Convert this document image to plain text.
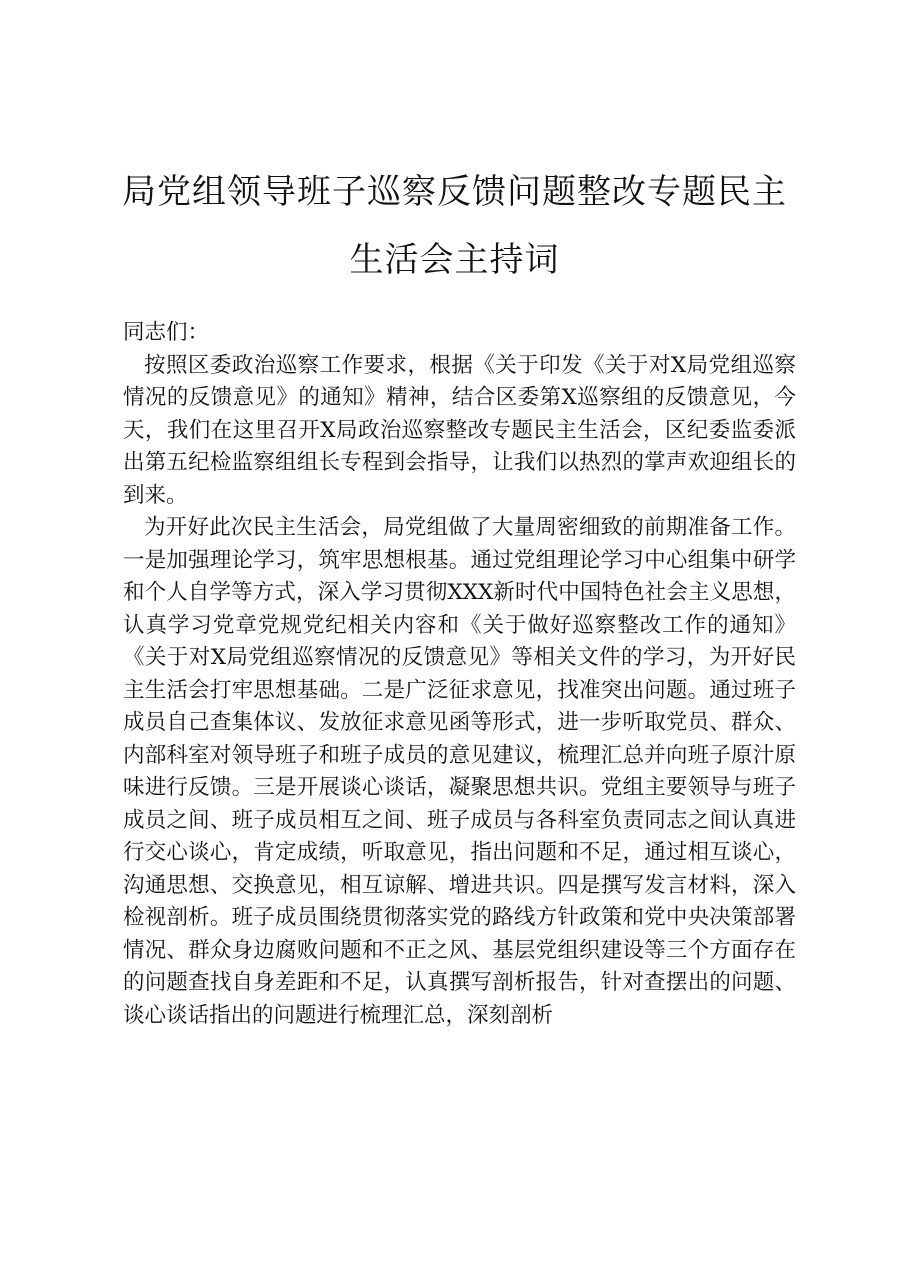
局党组领导班子巡察反馈问题整改专题民主生活会主持词

同志们：

按照区委政治巡察工作要求，根据《关于印发《关于对X局党组巡察情况的反馈意见》的通知》精神，结合区委第X巡察组的反馈意见，今天，我们在这里召开X局政治巡察整改专题民主生活会，区纪委监委派出第五纪检监察组组长专程到会指导，让我们以热烈的掌声欢迎组长的到来。

为开好此次民主生活会，局党组做了大量周密细致的前期准备工作。一是加强理论学习，筑牢思想根基。通过党组理论学习中心组集中研学和个人自学等方式，深入学习贯彻XXX新时代中国特色社会主义思想，认真学习党章党规党纪相关内容和《关于做好巡察整改工作的通知》《关于对X局党组巡察情况的反馈意见》等相关文件的学习，为开好民主生活会打牢思想基础。二是广泛征求意见，找准突出问题。通过班子成员自己查集体议、发放征求意见函等形式，进一步听取党员、群众、内部科室对领导班子和班子成员的意见建议，梳理汇总并向班子原汁原味进行反馈。三是开展谈心谈话，凝聚思想共识。党组主要领导与班子成员之间、班子成员相互之间、班子成员与各科室负责同志之间认真进行交心谈心，肯定成绩，听取意见，指出问题和不足，通过相互谈心，沟通思想、交换意见，相互谅解、增进共识。四是撰写发言材料，深入检视剖析。班子成员围绕贯彻落实党的路线方针政策和党中央决策部署情况、群众身边腐败问题和不正之风、基层党组织建设等三个方面存在的问题查找自身差距和不足，认真撰写剖析报告，针对查摆出的问题、谈心谈话指出的问题进行梳理汇总，深刻剖析
